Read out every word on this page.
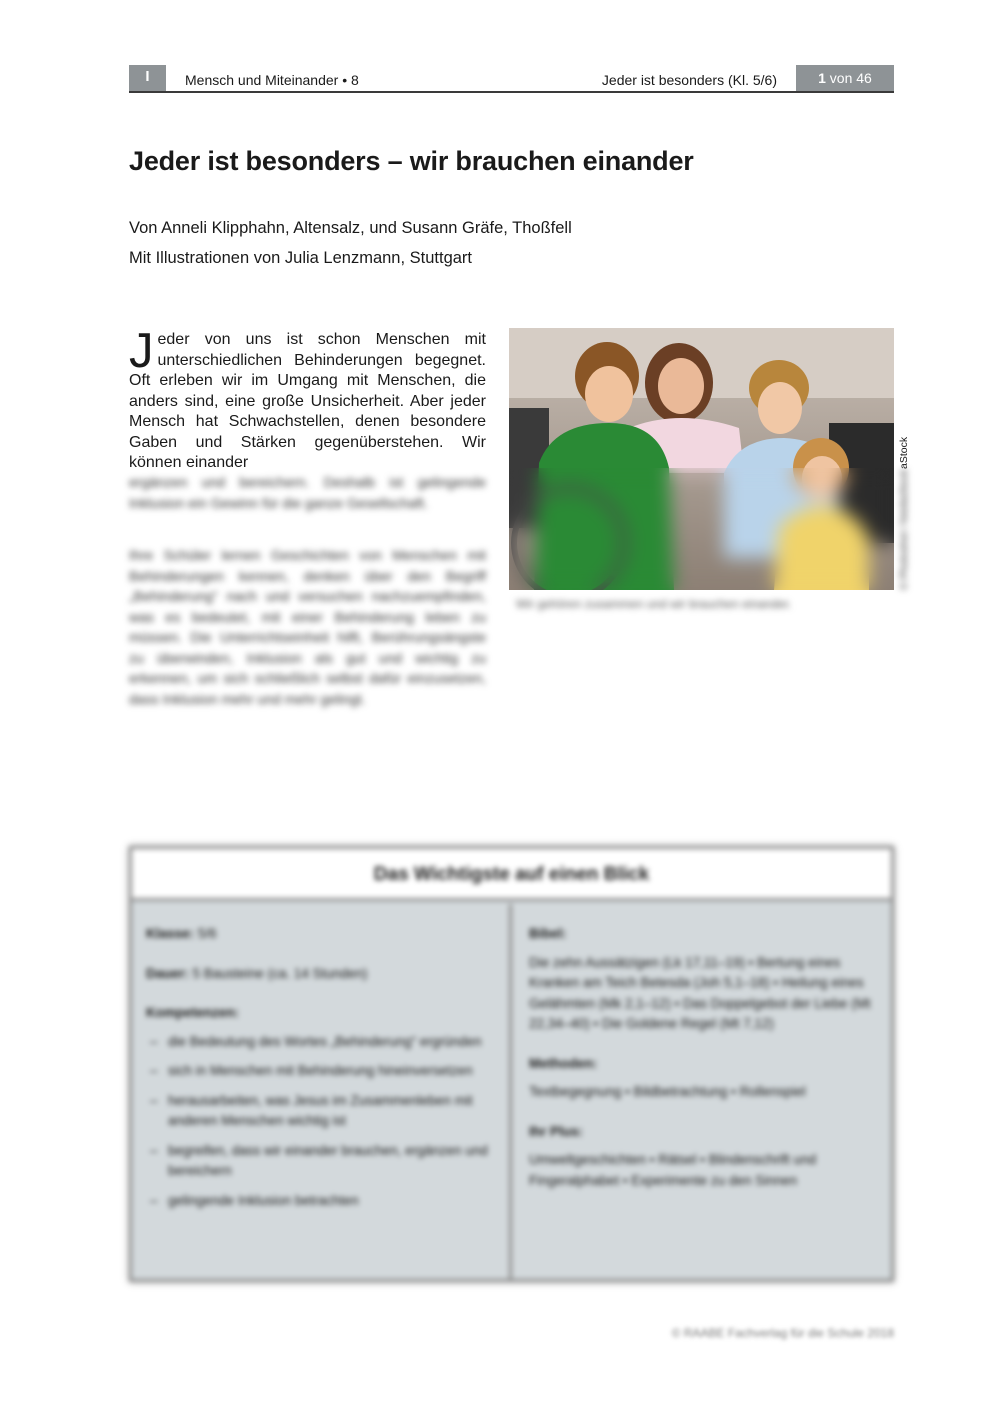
I	Mensch und Miteinander • 8	Jeder ist besonders (Kl. 5/6)	1 von 46
Jeder ist besonders – wir brauchen einander
Von Anneli Klipphahn, Altensalz, und Susann Gräfe, Thoßfell
Mit Illustrationen von Julia Lenzmann, Stuttgart
Jeder von uns ist schon Menschen mit unterschiedlichen Behinderungen begegnet. Oft erleben wir im Umgang mit Menschen, die anders sind, eine große Unsicherheit. Aber jeder Mensch hat Schwachstellen, denen besondere Gaben und Stärken gegenüberstehen. Wir können einander
ergänzen und bereichern. Deshalb ist gelingende Inklusion ein Gewinn für die ganze Gesellschaft.
Ihre Schüler lernen Geschichten von Menschen mit Behinderungen kennen, denken über den Begriff „Behinderung“ nach und versuchen nachzuempfinden, was es bedeutet, mit einer Behinderung leben zu müssen. Die Unterrichtseinheit hilft, Berührungsängste zu überwinden, Inklusion als gut und wichtig zu erkennen, um sich schließlich selbst dafür einzusetzen, dass Inklusion mehr und mehr gelingt.
aStock
© Photoshot / fotoliaStock
Wir gehören zusammen und wir brauchen einander.
Das Wichtigste auf einen Blick
Klasse: 5/6
Dauer: 5 Bausteine (ca. 14 Stunden)
Kompetenzen:
– die Bedeutung des Wortes „Behinderung“ ergründen
– sich in Menschen mit Behinderung hineinversetzen
– herausarbeiten, was Jesus im Zusammenleben mit anderen Menschen wichtig ist
– begreifen, dass wir einander brauchen, ergänzen und bereichern
– gelingende Inklusion betrachten
Bibel:
Die zehn Aussätzigen (Lk 17,11–19) • Bertung eines Kranken am Teich Betesda (Joh 5,1–18) • Heilung eines Gelähmten (Mk 2,1–12) • Das Doppelgebot der Liebe (Mt 22,34–40) • Die Goldene Regel (Mt 7,12)
Methoden:
Textbegegnung • Bildbetrachtung • Rollenspiel
Ihr Plus:
Umweltgeschichten • Rätsel • Blindenschrift und Fingeralphabet • Experimente zu den Sinnen
© RAABE Fachverlag für die Schule 2018
